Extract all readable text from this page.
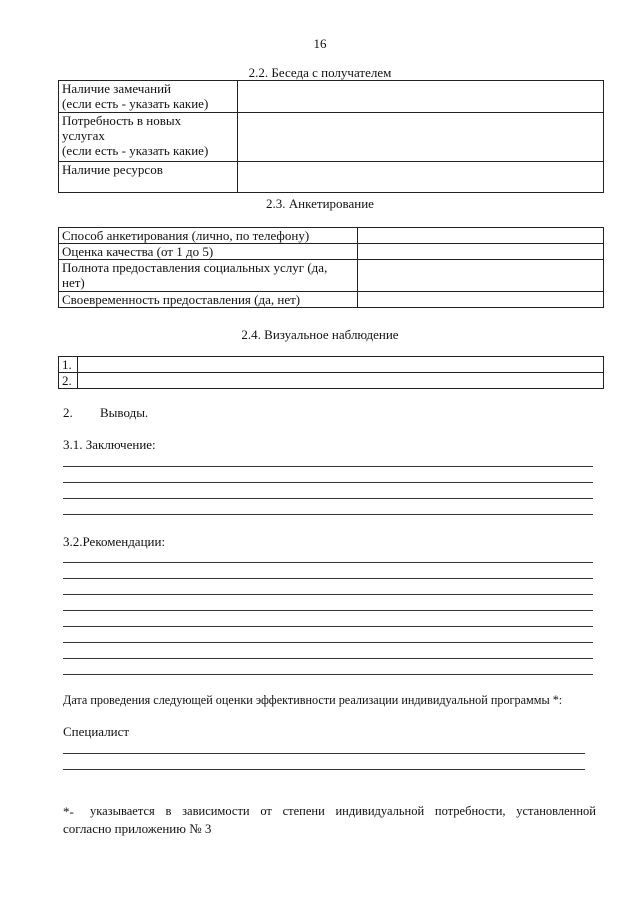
16
2.2. Беседа с получателем
Наличие замечаний
(если есть - указать какие)	

Потребность в новых
услугах
(если есть - указать какие)	

Наличие ресурсов	

2.3. Анкетирование
Способ анкетирования (лично, по телефону)	

Оценка качества (от 1 до 5)	

Полнота предоставления социальных услуг (да,
нет)	

Своевременность предоставления (да, нет)	

2.4. Визуальное наблюдение
1.	
2.	
2. Выводы.
3.1. Заключение:
3.2.Рекомендации:
Дата проведения следующей оценки эффективности реализации индивидуальной программы *:
Специалист
*- указывается в зависимости от степени индивидуальной потребности, установленной
согласно приложению № 3
